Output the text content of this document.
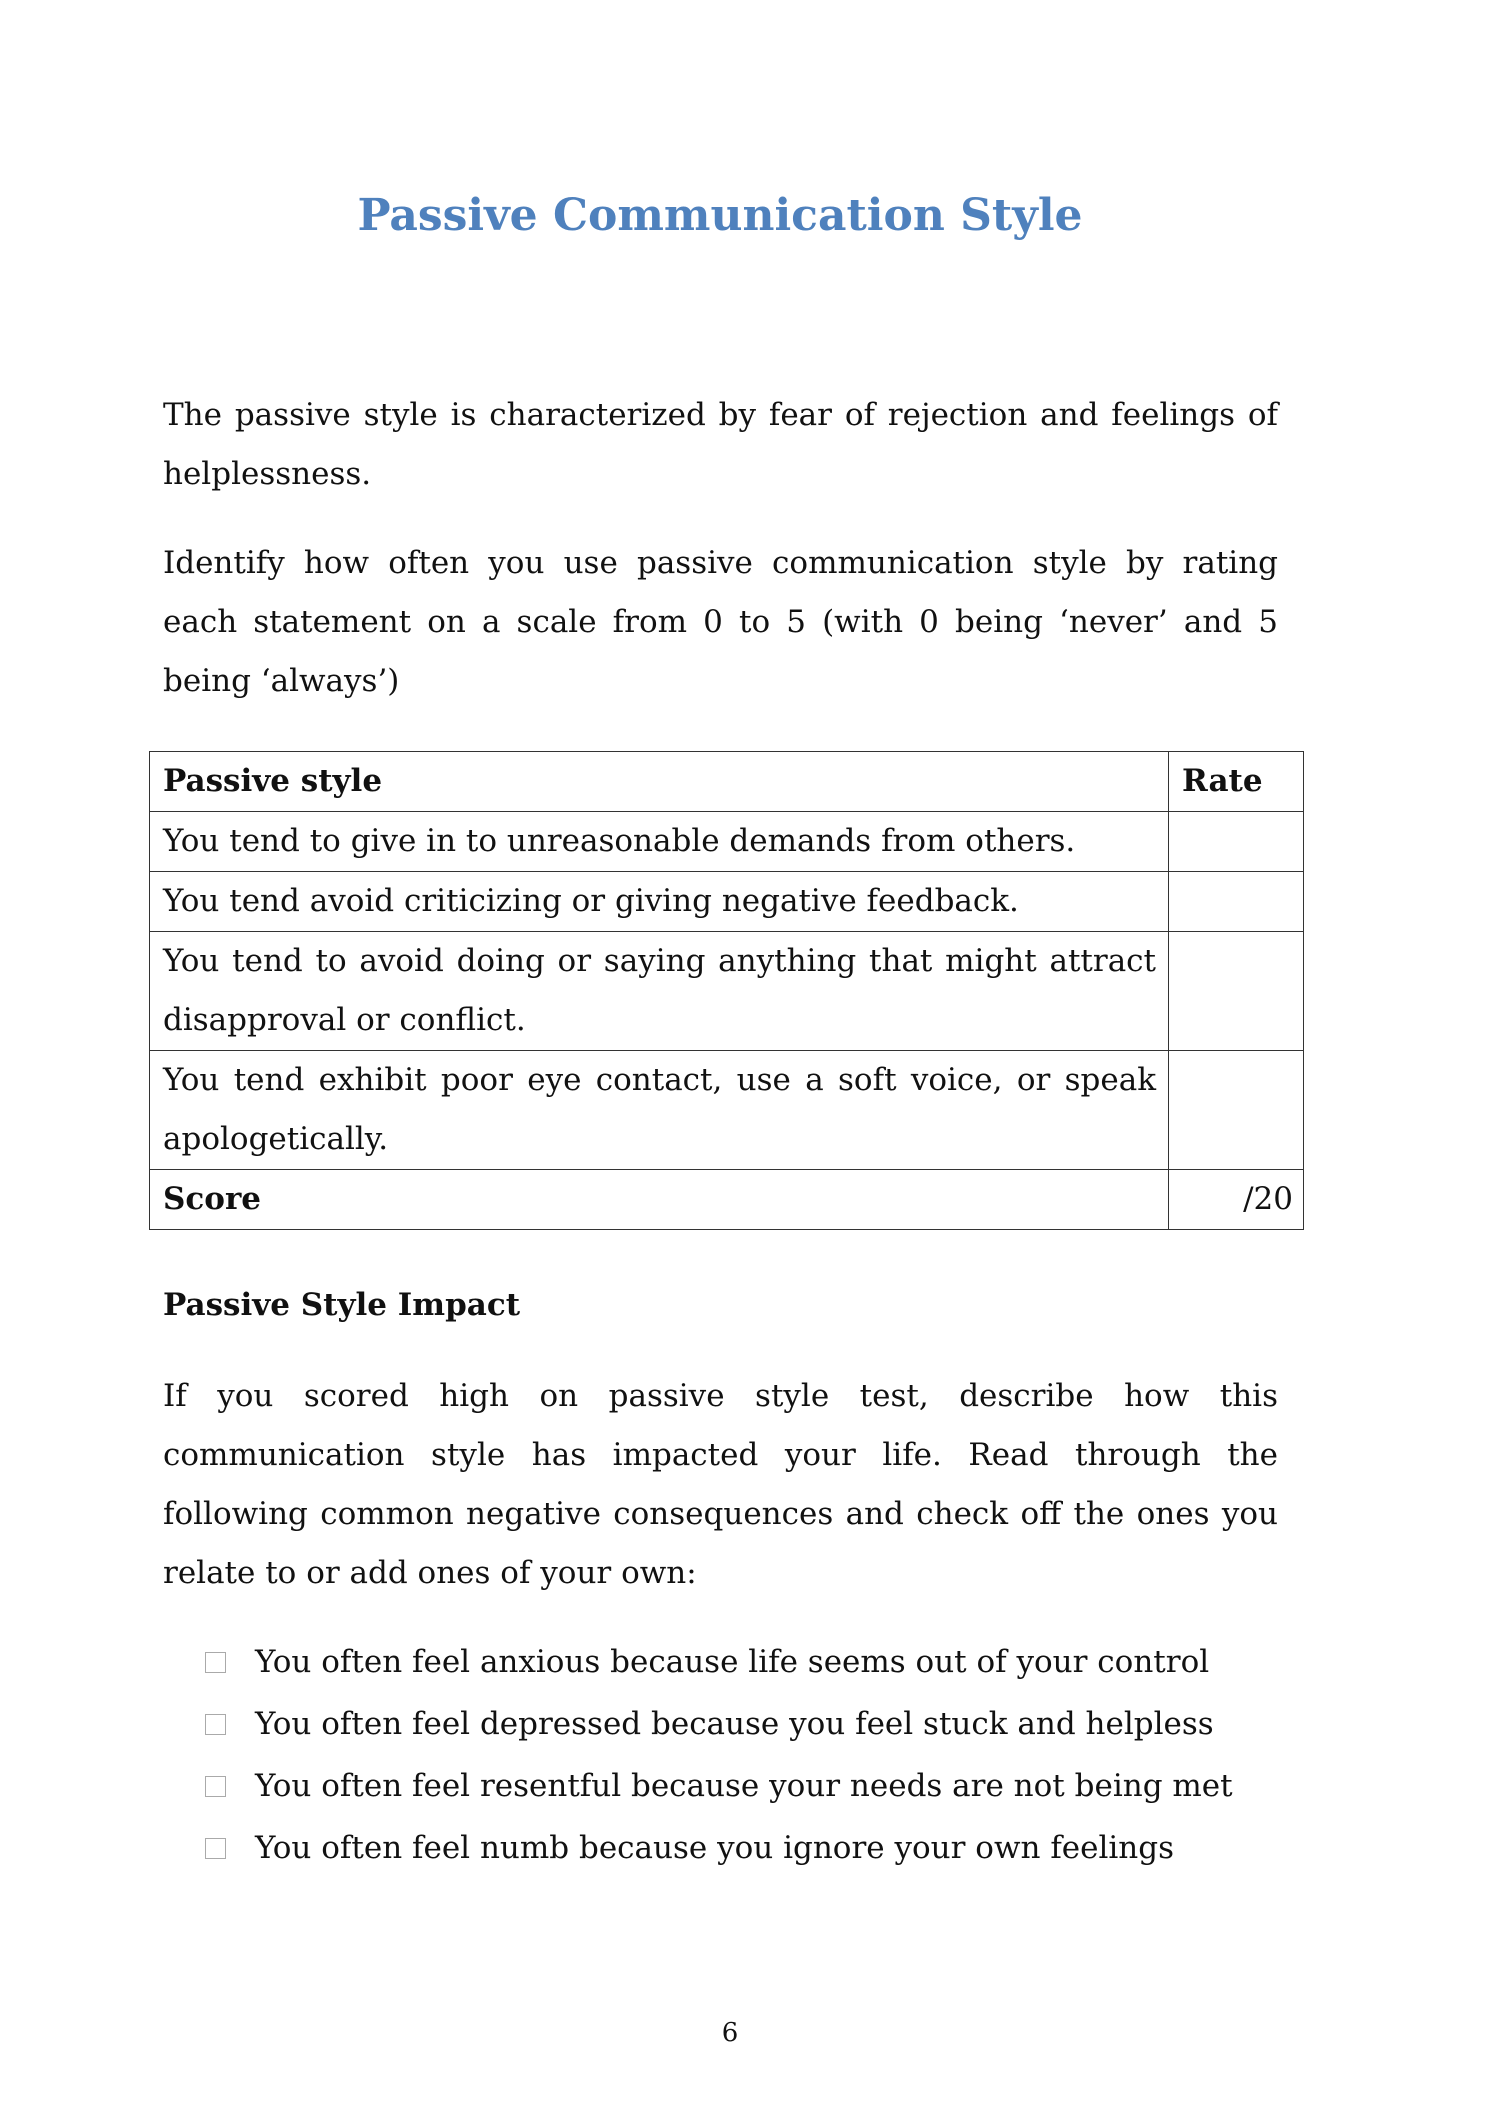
Passive Communication Style

The passive style is characterized by fear of rejection and feelings of helplessness.

Identify how often you use passive communication style by rating each statement on a scale from 0 to 5 (with 0 being ‘never’ and 5 being ‘always’)

Passive style	Rate
You tend to give in to unreasonable demands from others.	
You tend avoid criticizing or giving negative feedback.	
You tend to avoid doing or saying anything that might attract disapproval or conflict.	
You tend exhibit poor eye contact, use a soft voice, or speak apologetically.	
Score	/20
Passive Style Impact

If you scored high on passive style test, describe how this communication style has impacted your life. Read through the following common negative consequences and check off the ones you relate to or add ones of your own:

You often feel anxious because life seems out of your control
You often feel depressed because you feel stuck and helpless
You often feel resentful because your needs are not being met
You often feel numb because you ignore your own feelings
6
